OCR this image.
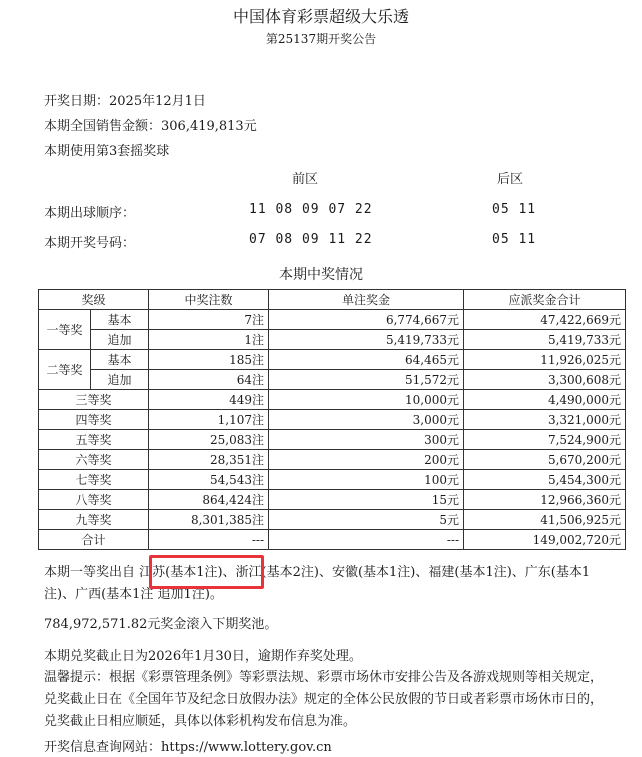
中国体育彩票超级大乐透
第25137期开奖公告
开奖日期：2025年12月1日
本期全国销售金额：306,419,813元
本期使用第3套摇奖球
前区	后区
本期出球顺序：	11 08 09 07 22	05 11
本期开奖号码：	07 08 09 11 22	05 11
本期中奖情况
奖级		中奖注数	单注奖金	应派奖金合计
一等奖	基本	7注	6,774,667元	47,422,669元
	追加	1注	5,419,733元	5,419,733元
二等奖	基本	185注	64,465元	11,926,025元
	追加	64注	51,572元	3,300,608元
三等奖		449注	10,000元	4,490,000元
四等奖		1,107注	3,000元	3,321,000元
五等奖		25,083注	300元	7,524,900元
六等奖		28,351注	200元	5,670,200元
七等奖		54,543注	100元	5,454,300元
八等奖		864,424注	15元	12,966,360元
九等奖		8,301,385注	5元	41,506,925元
合计		---	---	149,002,720元
本期一等奖出自 江苏(基本1注)、浙江(基本2注)、安徽(基本1注)、福建(基本1注)、广东(基本1注)、广西(基本1注 追加1注)。
784,972,571.82元奖金滚入下期奖池。
本期兑奖截止日为2026年1月30日，逾期作弃奖处理。
温馨提示：根据《彩票管理条例》等彩票法规、彩票市场休市安排公告及各游戏规则等相关规定，兑奖截止日在《全国年节及纪念日放假办法》规定的全体公民放假的节日或者彩票市场休市日的，兑奖截止日相应顺延，具体以体彩机构发布信息为准。
开奖信息查询网站：https://www.lottery.gov.cn
